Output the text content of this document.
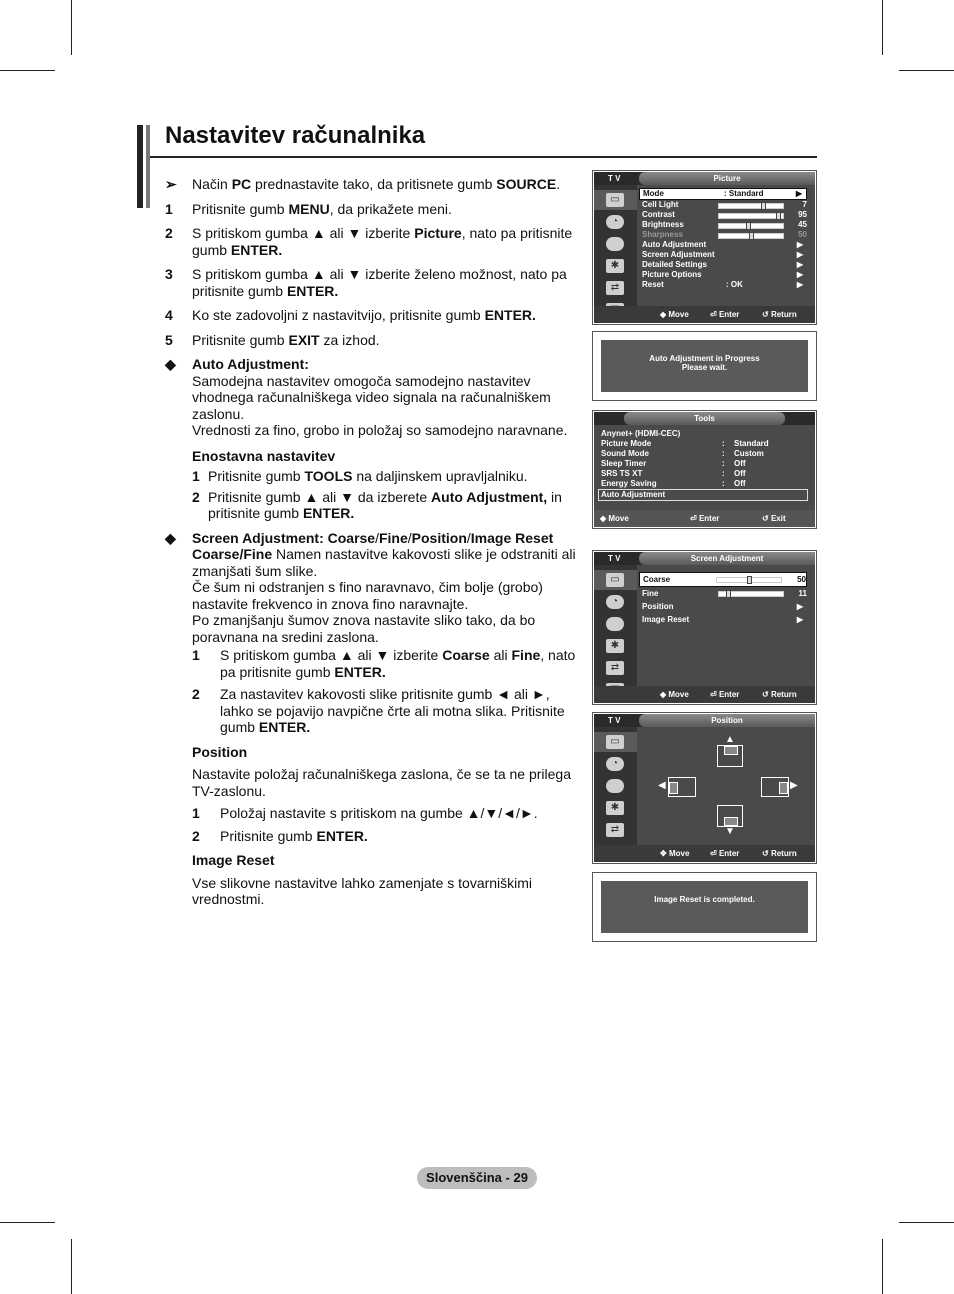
Nastavitev računalnika
➢	Način PC prednastavite tako, da pritisnete gumb SOURCE.
1	Pritisnite gumb MENU, da prikažete meni.
2	S pritiskom gumba ▲ ali ▼ izberite Picture, nato pa pritisnite gumb ENTER.
3	S pritiskom gumba ▲ ali ▼ izberite želeno možnost, nato pa pritisnite gumb ENTER.
4	Ko ste zadovoljni z nastavitvijo, pritisnite gumb ENTER.
5	Pritisnite gumb EXIT za izhod.
◆	Auto Adjustment:

Samodejna nastavitev omogoča samodejno nastavitev vhodnega računalniškega video signala na računalniškem zaslonu.

Vrednosti za fino, grobo in položaj so samodejno naravnane.

Enostavna nastavitev

1 Pritisnite gumb TOOLS na daljinskem upravljalniku.
2 Pritisnite gumb ▲ ali ▼ da izberete Auto Adjustment, in pritisnite gumb ENTER.
◆	Screen Adjustment: Coarse/Fine/Position/Image Reset

Coarse/Fine Namen nastavitve kakovosti slike je odstraniti ali zmanjšati šum slike.

Če šum ni odstranjen s fino naravnavo, čim bolje (grobo) nastavite frekvenco in znova fino naravnajte.

Po zmanjšanju šumov znova nastavite sliko tako, da bo poravnana na sredini zaslona.

1	S pritiskom gumba ▲ ali ▼ izberite Coarse ali Fine, nato pa pritisnite gumb ENTER.
2	Za nastavitev kakovosti slike pritisnite gumb ◄ ali ►, lahko se pojavijo navpične črte ali motna slika. Pritisnite gumb ENTER.

Position

Nastavite položaj računalniškega zaslona, če se ta ne prilega TV-zaslonu.

1	Položaj nastavite s pritiskom na gumbe ▲/▼/◄/►.
2	Pritisnite gumb ENTER.

Image Reset

Vse slikovne nastavitve lahko zamenjate s tovarniškimi vrednostmi.

T V	Picture
▭
◔
✱
⇄
Mode	: Standard	▶
Cell Light	7
Contrast	95
Brightness	45
Sharpness	50
Auto Adjustment	▶
Screen Adjustment	▶
Detailed Settings	▶
Picture Options	▶
Reset	: OK	▶
◆ Move	⏎ Enter	↺ Return
Auto Adjustment in Progress
Please wait.
Tools
Anynet+ (HDMI-CEC)
Picture Mode	: Standard
Sound Mode	: Custom
Sleep Timer	: Off
SRS TS XT	: Off
Energy Saving	: Off
Auto Adjustment
◆ Move	⏎ Enter	↺ Exit
T V	Screen Adjustment
▭
◔
✱
⇄
Coarse	50
Fine	11
Position	▶
Image Reset	▶
◆ Move	⏎ Enter	↺ Return
T V	Position
▭
◔
✱
⇄
▲
◀	▶
▼
✥ Move	⏎ Enter	↺ Return
Image Reset is completed.
Slovenščina - 29
